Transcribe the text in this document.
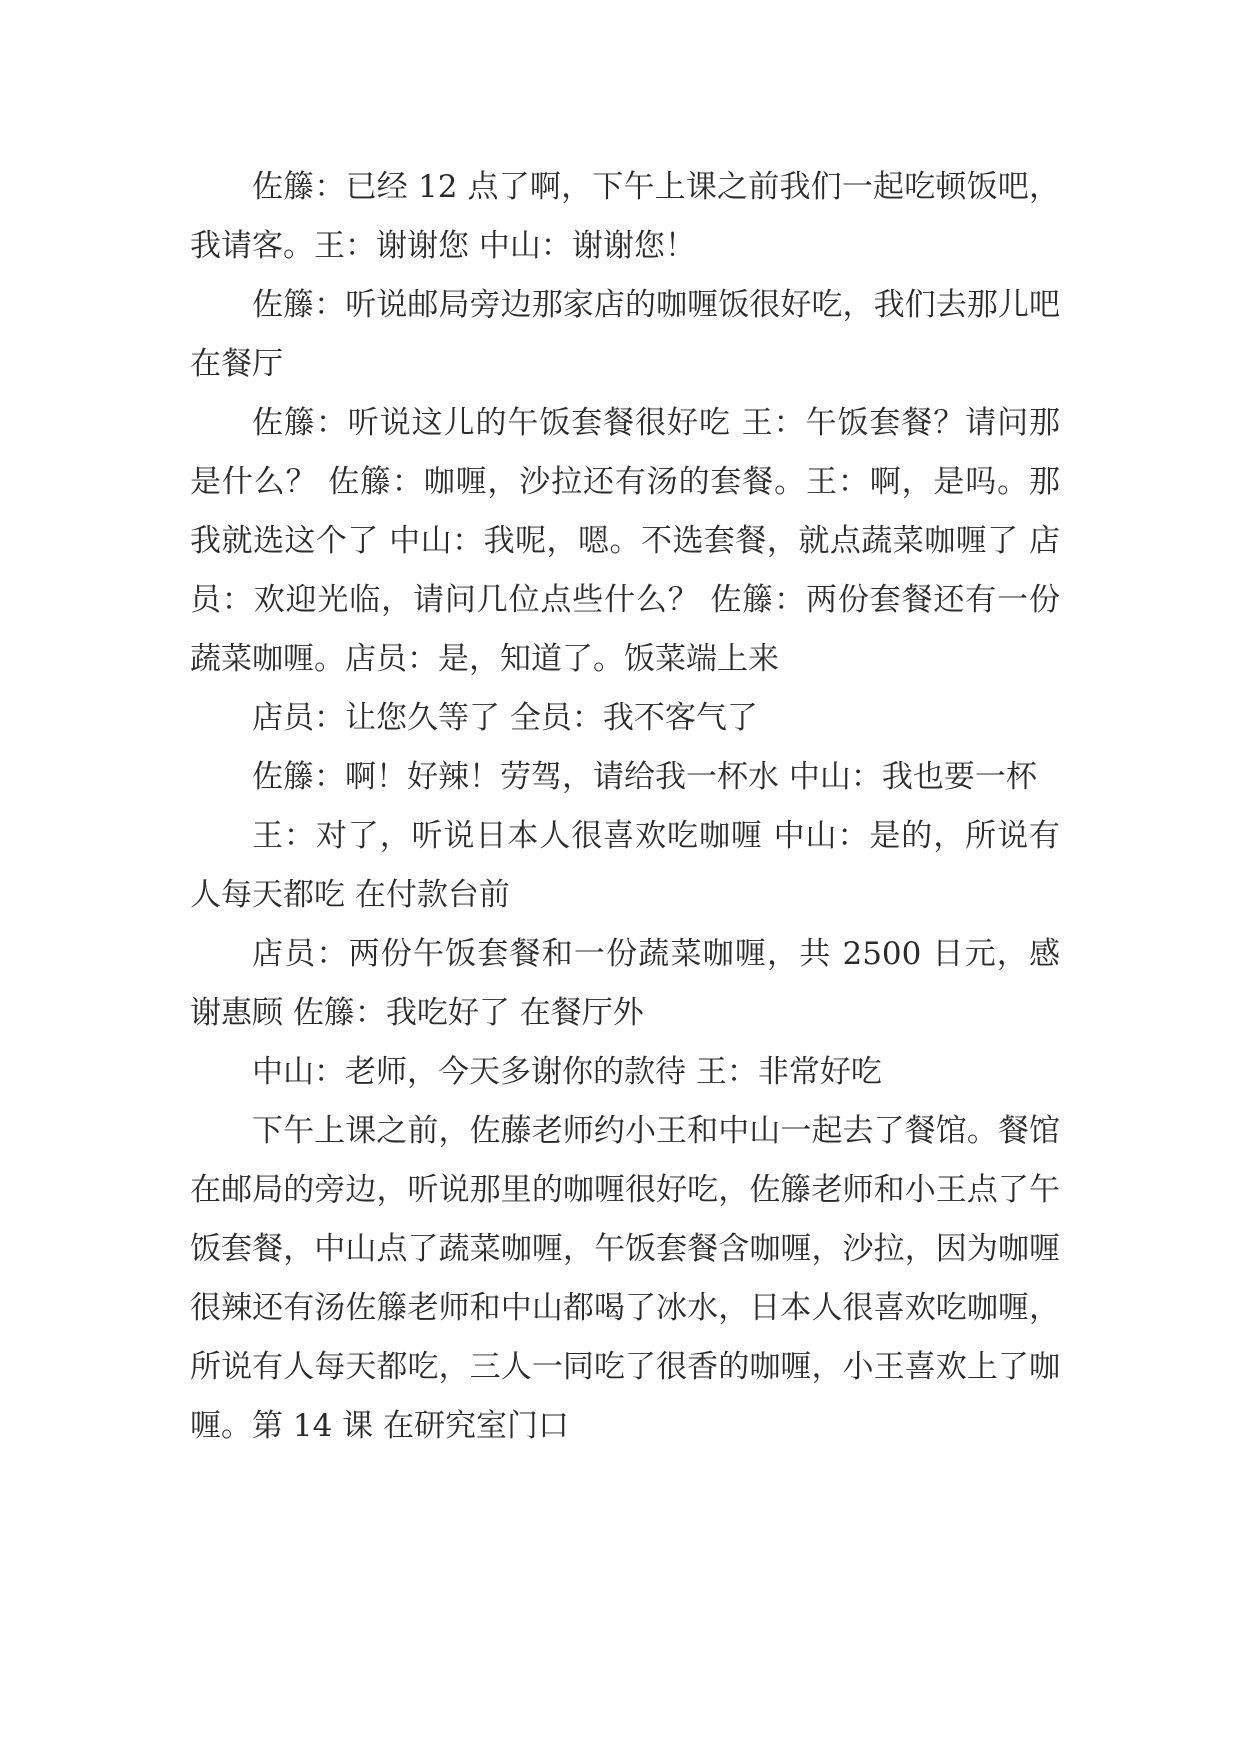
佐籐：已经 12 点了啊，下午上课之前我们一起吃顿饭吧，我请客。王：谢谢您 中山：谢谢您！

佐籐：听说邮局旁边那家店的咖喱饭很好吃，我们去那儿吧 在餐厅

佐籐：听说这儿的午饭套餐很好吃 王：午饭套餐？请问那是什么？ 佐籐：咖喱，沙拉还有汤的套餐。王：啊，是吗。那我就选这个了 中山：我呢，嗯。不选套餐，就点蔬菜咖喱了 店员：欢迎光临，请问几位点些什么？ 佐籐：两份套餐还有一份蔬菜咖喱。店员：是，知道了。饭菜端上来

店员：让您久等了 全员：我不客气了

佐籐：啊！好辣！劳驾，请给我一杯水 中山：我也要一杯

王：对了，听说日本人很喜欢吃咖喱 中山：是的，所说有人每天都吃 在付款台前

店员：两份午饭套餐和一份蔬菜咖喱，共 2500 日元，感谢惠顾 佐籐：我吃好了 在餐厅外

中山：老师，今天多谢你的款待 王：非常好吃

下午上课之前，佐藤老师约小王和中山一起去了餐馆。餐馆在邮局的旁边，听说那里的咖喱很好吃，佐籐老师和小王点了午饭套餐，中山点了蔬菜咖喱，午饭套餐含咖喱，沙拉，因为咖喱很辣还有汤佐籐老师和中山都喝了冰水，日本人很喜欢吃咖喱，所说有人每天都吃，三人一同吃了很香的咖喱，小王喜欢上了咖喱。第 14 课 在研究室门口
